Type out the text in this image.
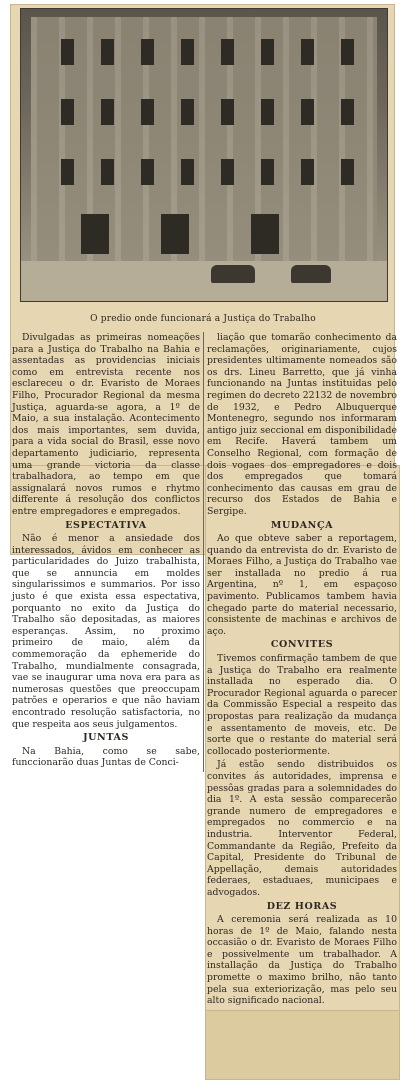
O predio onde funcionará a Justiça do Trabalho

Divulgadas as primeiras nomeações para a Justiça do Trabalho na Bahia e assentadas as providencias iniciais como em entrevista recente nos esclareceu o dr. Evaristo de Moraes Filho, Procurador Regional da mesma Justiça, aguarda-se agora, a 1º de Maio, a sua instalação. Acontecimento dos mais importantes, sem duvida, para a vida social do Brasil, esse novo departamento judiciario, representa uma grande victoria da classe trabalhadora, ao tempo em que assignalará novos rumos e rhytmo differente á resolução dos conflictos entre empregadores e empregados.

ESPECTATIVA

Não é menor a ansiedade dos interessados, ávidos em conhecer as particularidades do Juizo trabalhista, que se annuncia em moldes singularissimos e summarios. Por isso justo é que exista essa espectativa, porquanto no exito da Justiça do Trabalho são depositadas, as maiores esperanças. Assim, no proximo primeiro de maio, além da commemoração da ephemeride do Trabalho, mundialmente consagrada, vae se inaugurar uma nova era para as numerosas questões que preoccupam patrões e operarios e que não haviam encontrado resolução satisfactoria, no que respeita aos seus julgamentos.

JUNTAS

Na Bahia, como se sabe, funccionarão duas Juntas de Conci-

liação que tomarão conhecimento da reclamações, originariamente, cujos presidentes ultimamente nomeados são os drs. Lineu Barretto, que já vinha funcionando na Juntas instituidas pelo regimen do decreto 22132 de novembro de 1932, e Pedro Albuquerque Montenegro, segundo nos informaram antigo juiz seccional em disponibilidade em Recife. Haverá tambem um Conselho Regional, com formação de dois vogaes dos empregadores e dois dos empregados que tomará conhecimento das causas em grau de recurso dos Estados de Bahia e Sergipe.

MUDANÇA

Ao que obteve saber a reportagem, quando da entrevista do dr. Evaristo de Moraes Filho, a Justiça do Trabalho vae ser installada no predio á rua Argentina, nº 1, em espaçoso pavimento. Publicamos tambem havia chegado parte do material necessario, consistente de machinas e archivos de aço.

CONVITES

Tivemos confirmação tambem de que a Justiça do Trabalho era realmente installada no esperado dia. O Procurador Regional aguarda o parecer da Commissão Especial a respeito das propostas para realização da mudança e assentamento de moveis, etc. De sorte que o restante do material será collocado posteriormente.

Já estão sendo distribuidos os convites ás autoridades, imprensa e pessôas gradas para a solemnidades do dia 1º. A esta sessão comparecerão grande numero de empregadores e empregados no commercio e na industria. Interventor Federal, Commandante da Região, Prefeito da Capital, Presidente do Tribunal de Appellação, demais autoridades federaes, estaduaes, municipaes e advogados.

DEZ HORAS

A ceremonia será realizada as 10 horas de 1º de Maio, falando nesta occasião o dr. Evaristo de Moraes Filho e possivelmente um trabalhador. A installação da Justiça do Trabalho promette o maximo brilho, não tanto pela sua exteriorização, mas pelo seu alto significado nacional.
